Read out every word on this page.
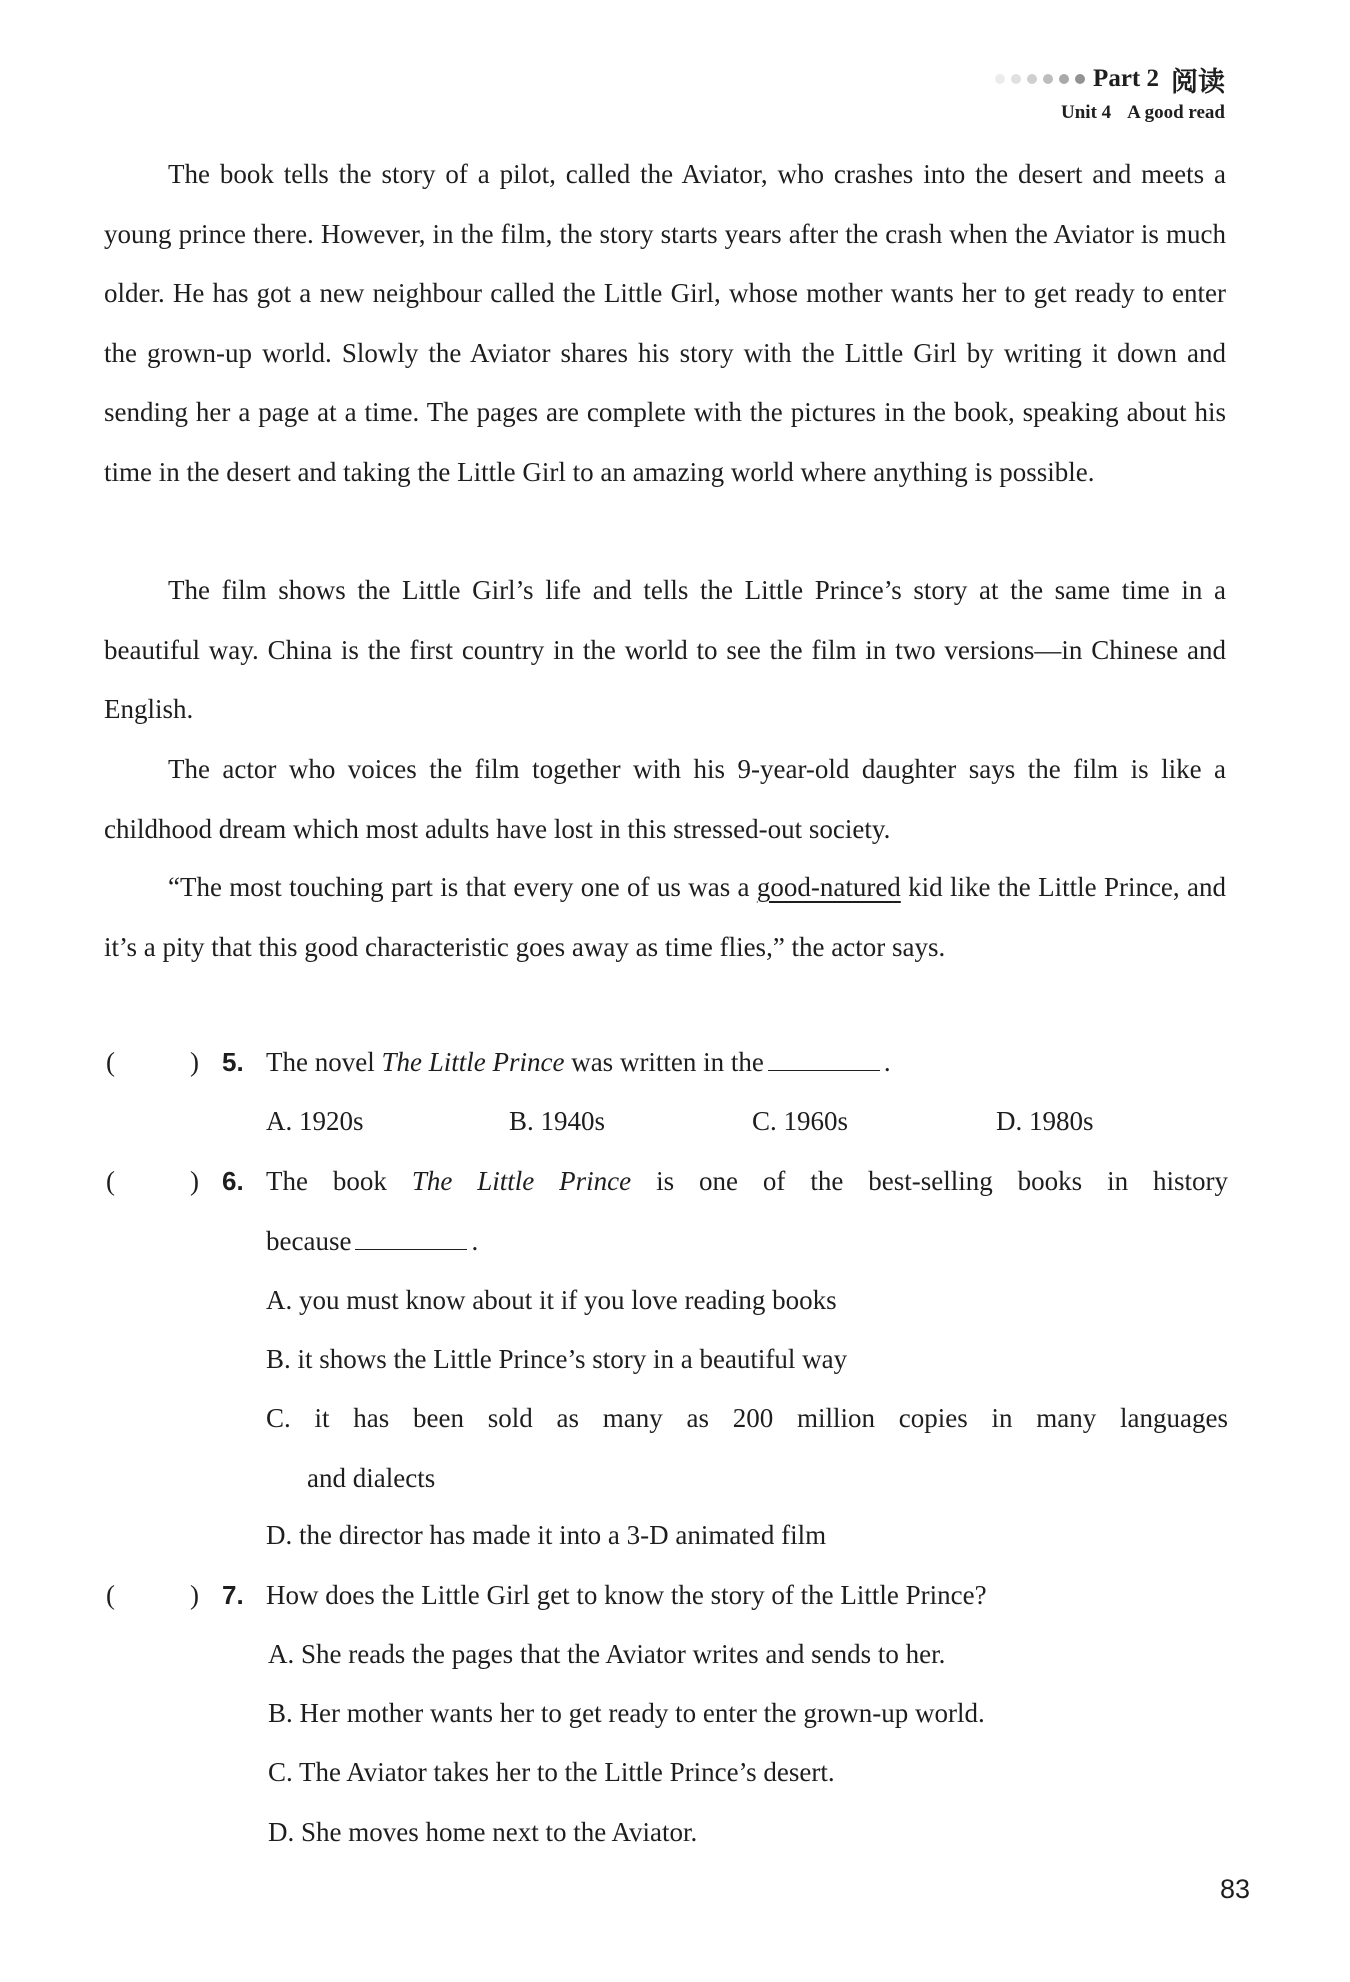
Part 2 阅读
Unit 4 A good read

The book tells the story of a pilot, called the Aviator, who crashes into the desert and meets a young prince there. However, in the film, the story starts years after the crash when the Aviator is much older. He has got a new neighbour called the Little Girl, whose mother wants her to get ready to enter the grown-up world. Slowly the Aviator shares his story with the Little Girl by writing it down and sending her a page at a time. The pages are complete with the pictures in the book, speaking about his time in the desert and taking the Little Girl to an amazing world where anything is possible.

The film shows the Little Girl’s life and tells the Little Prince’s story at the same time in a beautiful way. China is the first country in the world to see the film in two versions—in Chinese and English.

The actor who voices the film together with his 9-year-old daughter says the film is like a childhood dream which most adults have lost in this stressed-out society.

“The most touching part is that every one of us was a good-natured kid like the Little Prince, and it’s a pity that this good characteristic goes away as time flies,” the actor says.

(	) 5. The novel The Little Prince was written in the	.
A. 1920s	B. 1940s	C. 1960s	D. 1980s
(	) 6. The book The Little Prince is one of the best-selling books in history
because	.
A. you must know about it if you love reading books
B. it shows the Little Prince’s story in a beautiful way
C. it has been sold as many as 200 million copies in many languages
and dialects
D. the director has made it into a 3-D animated film
(	) 7. How does the Little Girl get to know the story of the Little Prince?
A. She reads the pages that the Aviator writes and sends to her.
B. Her mother wants her to get ready to enter the grown-up world.
C. The Aviator takes her to the Little Prince’s desert.
D. She moves home next to the Aviator.
83
